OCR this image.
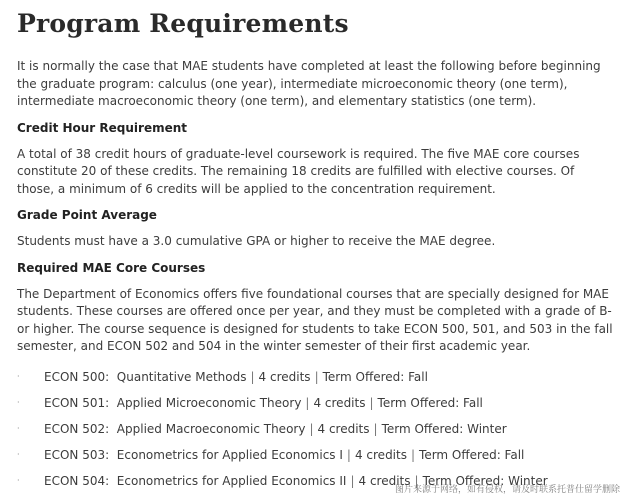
Program Requirements

It is normally the case that MAE students have completed at least the following before beginning the graduate program: calculus (one year), intermediate microeconomic theory (one term), intermediate macroeconomic theory (one term), and elementary statistics (one term).

Credit Hour Requirement

A total of 38 credit hours of graduate-level coursework is required. The five MAE core courses constitute 20 of these credits. The remaining 18 credits are fulfilled with elective courses. Of those, a minimum of 6 credits will be applied to the concentration requirement.

Grade Point Average

Students must have a 3.0 cumulative GPA or higher to receive the MAE degree.

Required MAE Core Courses

The Department of Economics offers five foundational courses that are specially designed for MAE students. These courses are offered once per year, and they must be completed with a grade of B- or higher. The course sequence is designed for students to take ECON 500, 501, and 503 in the fall semester, and ECON 502 and 504 in the winter semester of their first academic year.

· ECON 500: Quantitative Methods | 4 credits | Term Offered: Fall
· ECON 501: Applied Microeconomic Theory | 4 credits | Term Offered: Fall
· ECON 502: Applied Macroeconomic Theory | 4 credits | Term Offered: Winter
· ECON 503: Econometrics for Applied Economics I | 4 credits | Term Offered: Fall
· ECON 504: Econometrics for Applied Economics II | 4 credits | Term Offered: Winter
图片来源于网络，如有侵权，请及时联系托普仕留学删除
